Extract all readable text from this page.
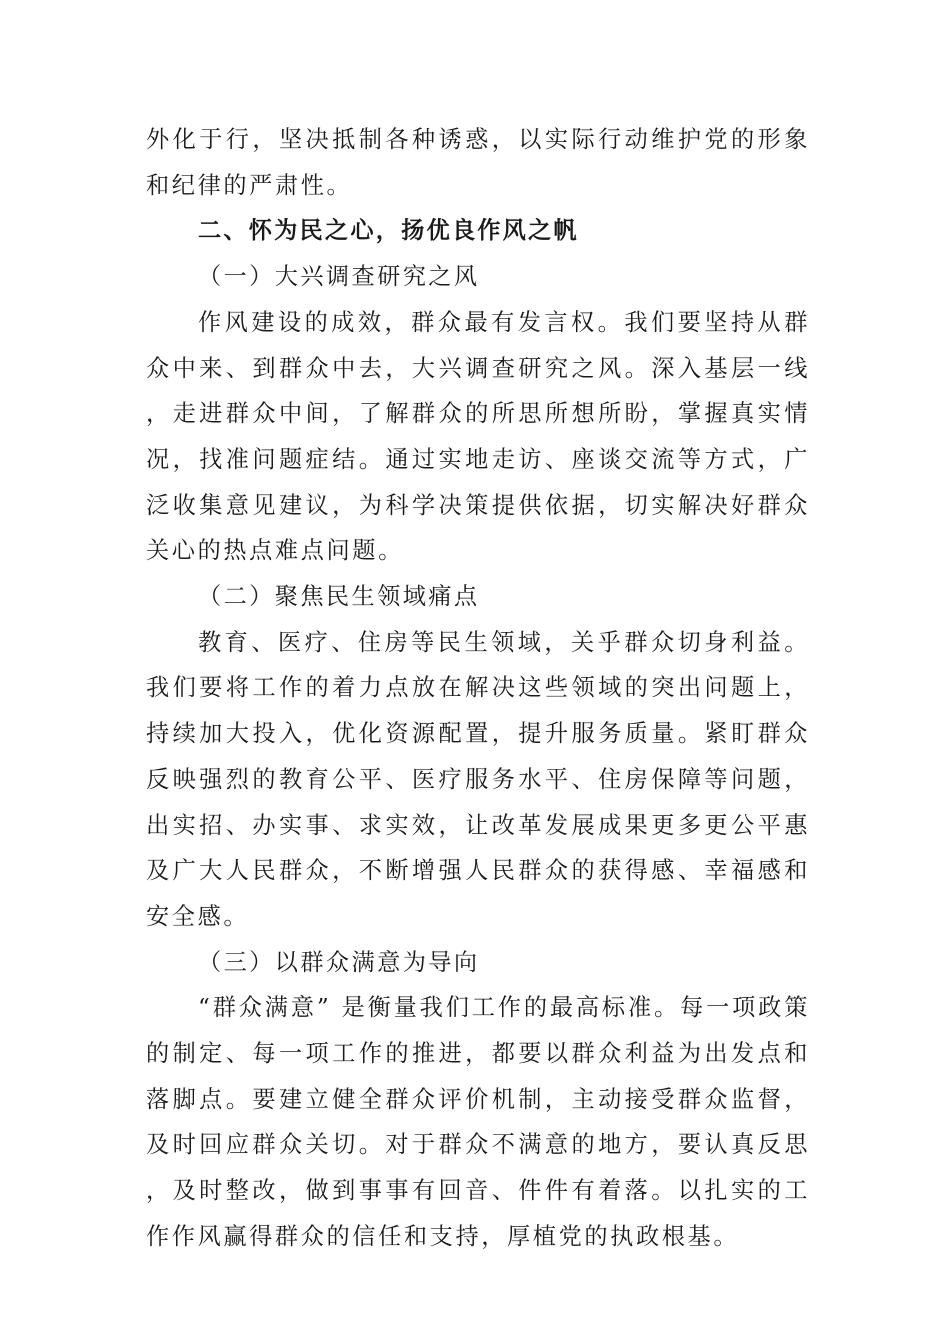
外化于行，坚决抵制各种诱惑，以实际行动维护党的形象和纪律的严肃性。

二、怀为民之心，扬优良作风之帆
（一）大兴调查研究之风

作风建设的成效，群众最有发言权。我们要坚持从群众中来、到群众中去，大兴调查研究之风。深入基层一线，走进群众中间，了解群众的所思所想所盼，掌握真实情况，找准问题症结。通过实地走访、座谈交流等方式，广泛收集意见建议，为科学决策提供依据，切实解决好群众关心的热点难点问题。

（二）聚焦民生领域痛点

教育、医疗、住房等民生领域，关乎群众切身利益。我们要将工作的着力点放在解决这些领域的突出问题上，持续加大投入，优化资源配置，提升服务质量。紧盯群众反映强烈的教育公平、医疗服务水平、住房保障等问题，出实招、办实事、求实效，让改革发展成果更多更公平惠及广大人民群众，不断增强人民群众的获得感、幸福感和安全感。

（三）以群众满意为导向

“群众满意” 是衡量我们工作的最高标准。每一项政策的制定、每一项工作的推进，都要以群众利益为出发点和落脚点。要建立健全群众评价机制，主动接受群众监督，及时回应群众关切。对于群众不满意的地方，要认真反思，及时整改，做到事事有回音、件件有着落。以扎实的工作作风赢得群众的信任和支持，厚植党的执政根基。
